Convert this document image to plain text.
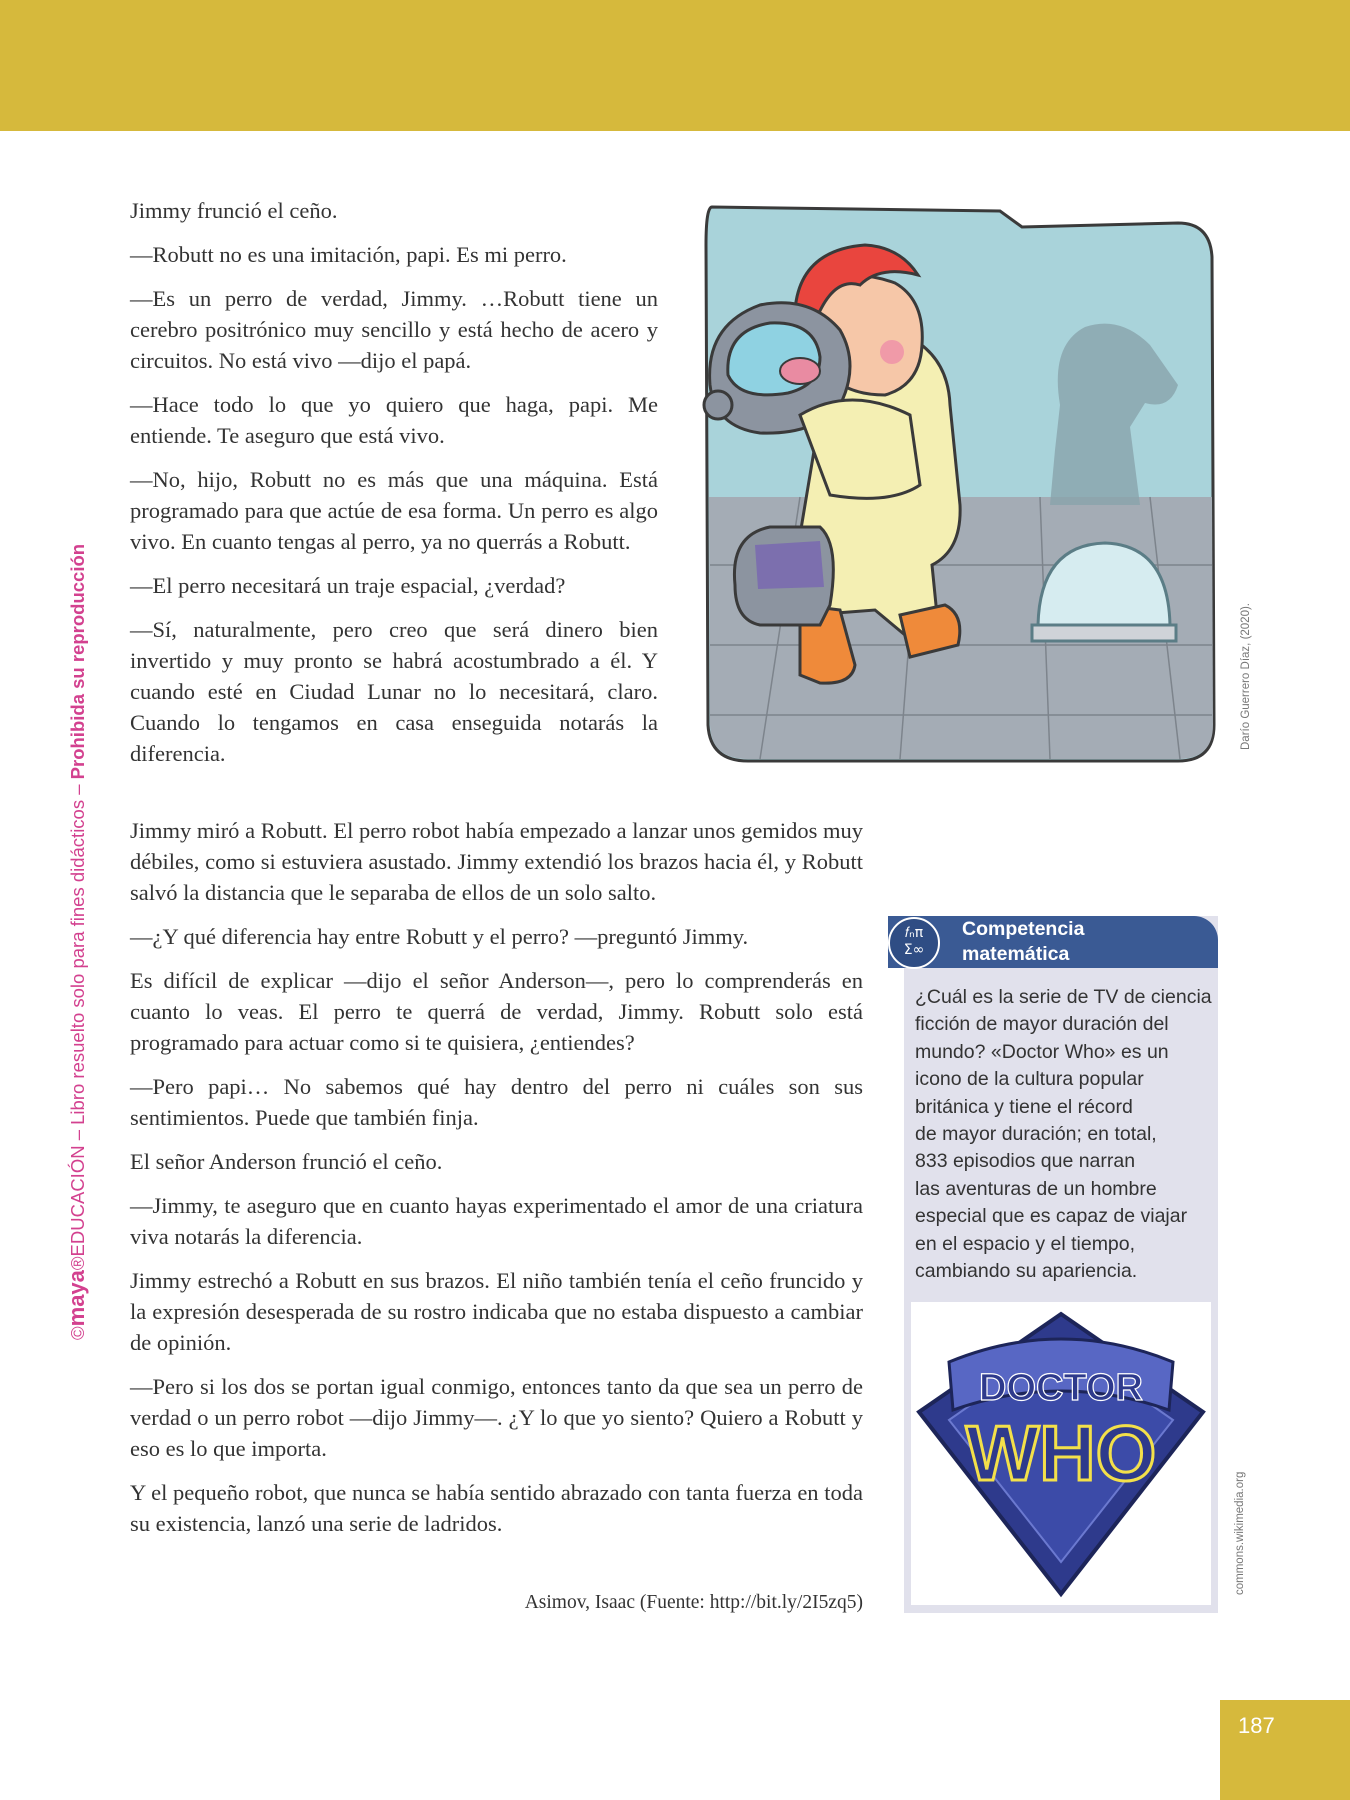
©maya®EDUCACIÓN – Libro resuelto solo para fines didácticos – Prohibida su reproducción

Jimmy frunció el ceño.

—Robutt no es una imitación, papi. Es mi perro.

—Es un perro de verdad, Jimmy. …Robutt tiene un cerebro positrónico muy sencillo y está hecho de acero y circuitos. No está vivo —dijo el papá.

—Hace todo lo que yo quiero que haga, papi. Me entiende. Te aseguro que está vivo.

—No, hijo, Robutt no es más que una máquina. Está programado para que actúe de esa forma. Un perro es algo vivo. En cuanto tengas al perro, ya no querrás a Robutt.

—El perro necesitará un traje espacial, ¿verdad?

—Sí, naturalmente, pero creo que será dinero bien invertido y muy pronto se habrá acostumbrado a él. Y cuando esté en Ciudad Lunar no lo necesitará, claro. Cuando lo tengamos en casa enseguida notarás la diferencia.

Jimmy miró a Robutt. El perro robot había empezado a lanzar unos gemidos muy débiles, como si estuviera asustado. Jimmy extendió los brazos hacia él, y Robutt salvó la distancia que le separaba de ellos de un solo salto.

—¿Y qué diferencia hay entre Robutt y el perro? —preguntó Jimmy.

Es difícil de explicar —dijo el señor Anderson—, pero lo comprenderás en cuanto lo veas. El perro te querrá de verdad, Jimmy. Robutt solo está programado para actuar como si te quisiera, ¿entiendes?

—Pero papi… No sabemos qué hay dentro del perro ni cuáles son sus sentimientos. Puede que también finja.

El señor Anderson frunció el ceño.

—Jimmy, te aseguro que en cuanto hayas experimentado el amor de una criatura viva notarás la diferencia.

Jimmy estrechó a Robutt en sus brazos. El niño también tenía el ceño fruncido y la expresión desesperada de su rostro indicaba que no estaba dispuesto a cambiar de opinión.

—Pero si los dos se portan igual conmigo, entonces tanto da que sea un perro de verdad o un perro robot —dijo Jimmy—. ¿Y lo que yo siento? Quiero a Robutt y eso es lo que importa.

Y el pequeño robot, que nunca se había sentido abrazado con tanta fuerza en toda su existencia, lanzó una serie de ladridos.

Asimov, Isaac (Fuente: http://bit.ly/2I5zq5)
Darío Guerrero Díaz, (2020).
𝑓ₙπ
Σ∞
Competencia
matemática
¿Cuál es la serie de TV de ciencia
ficción de mayor duración del
mundo? «Doctor Who» es un
icono de la cultura popular
británica y tiene el récord
de mayor duración; en total,
833 episodios que narran
las aventuras de un hombre
especial que es capaz de viajar
en el espacio y el tiempo,
cambiando su apariencia.
DOCTOR
WHO
commons.wikimedia.org
187
